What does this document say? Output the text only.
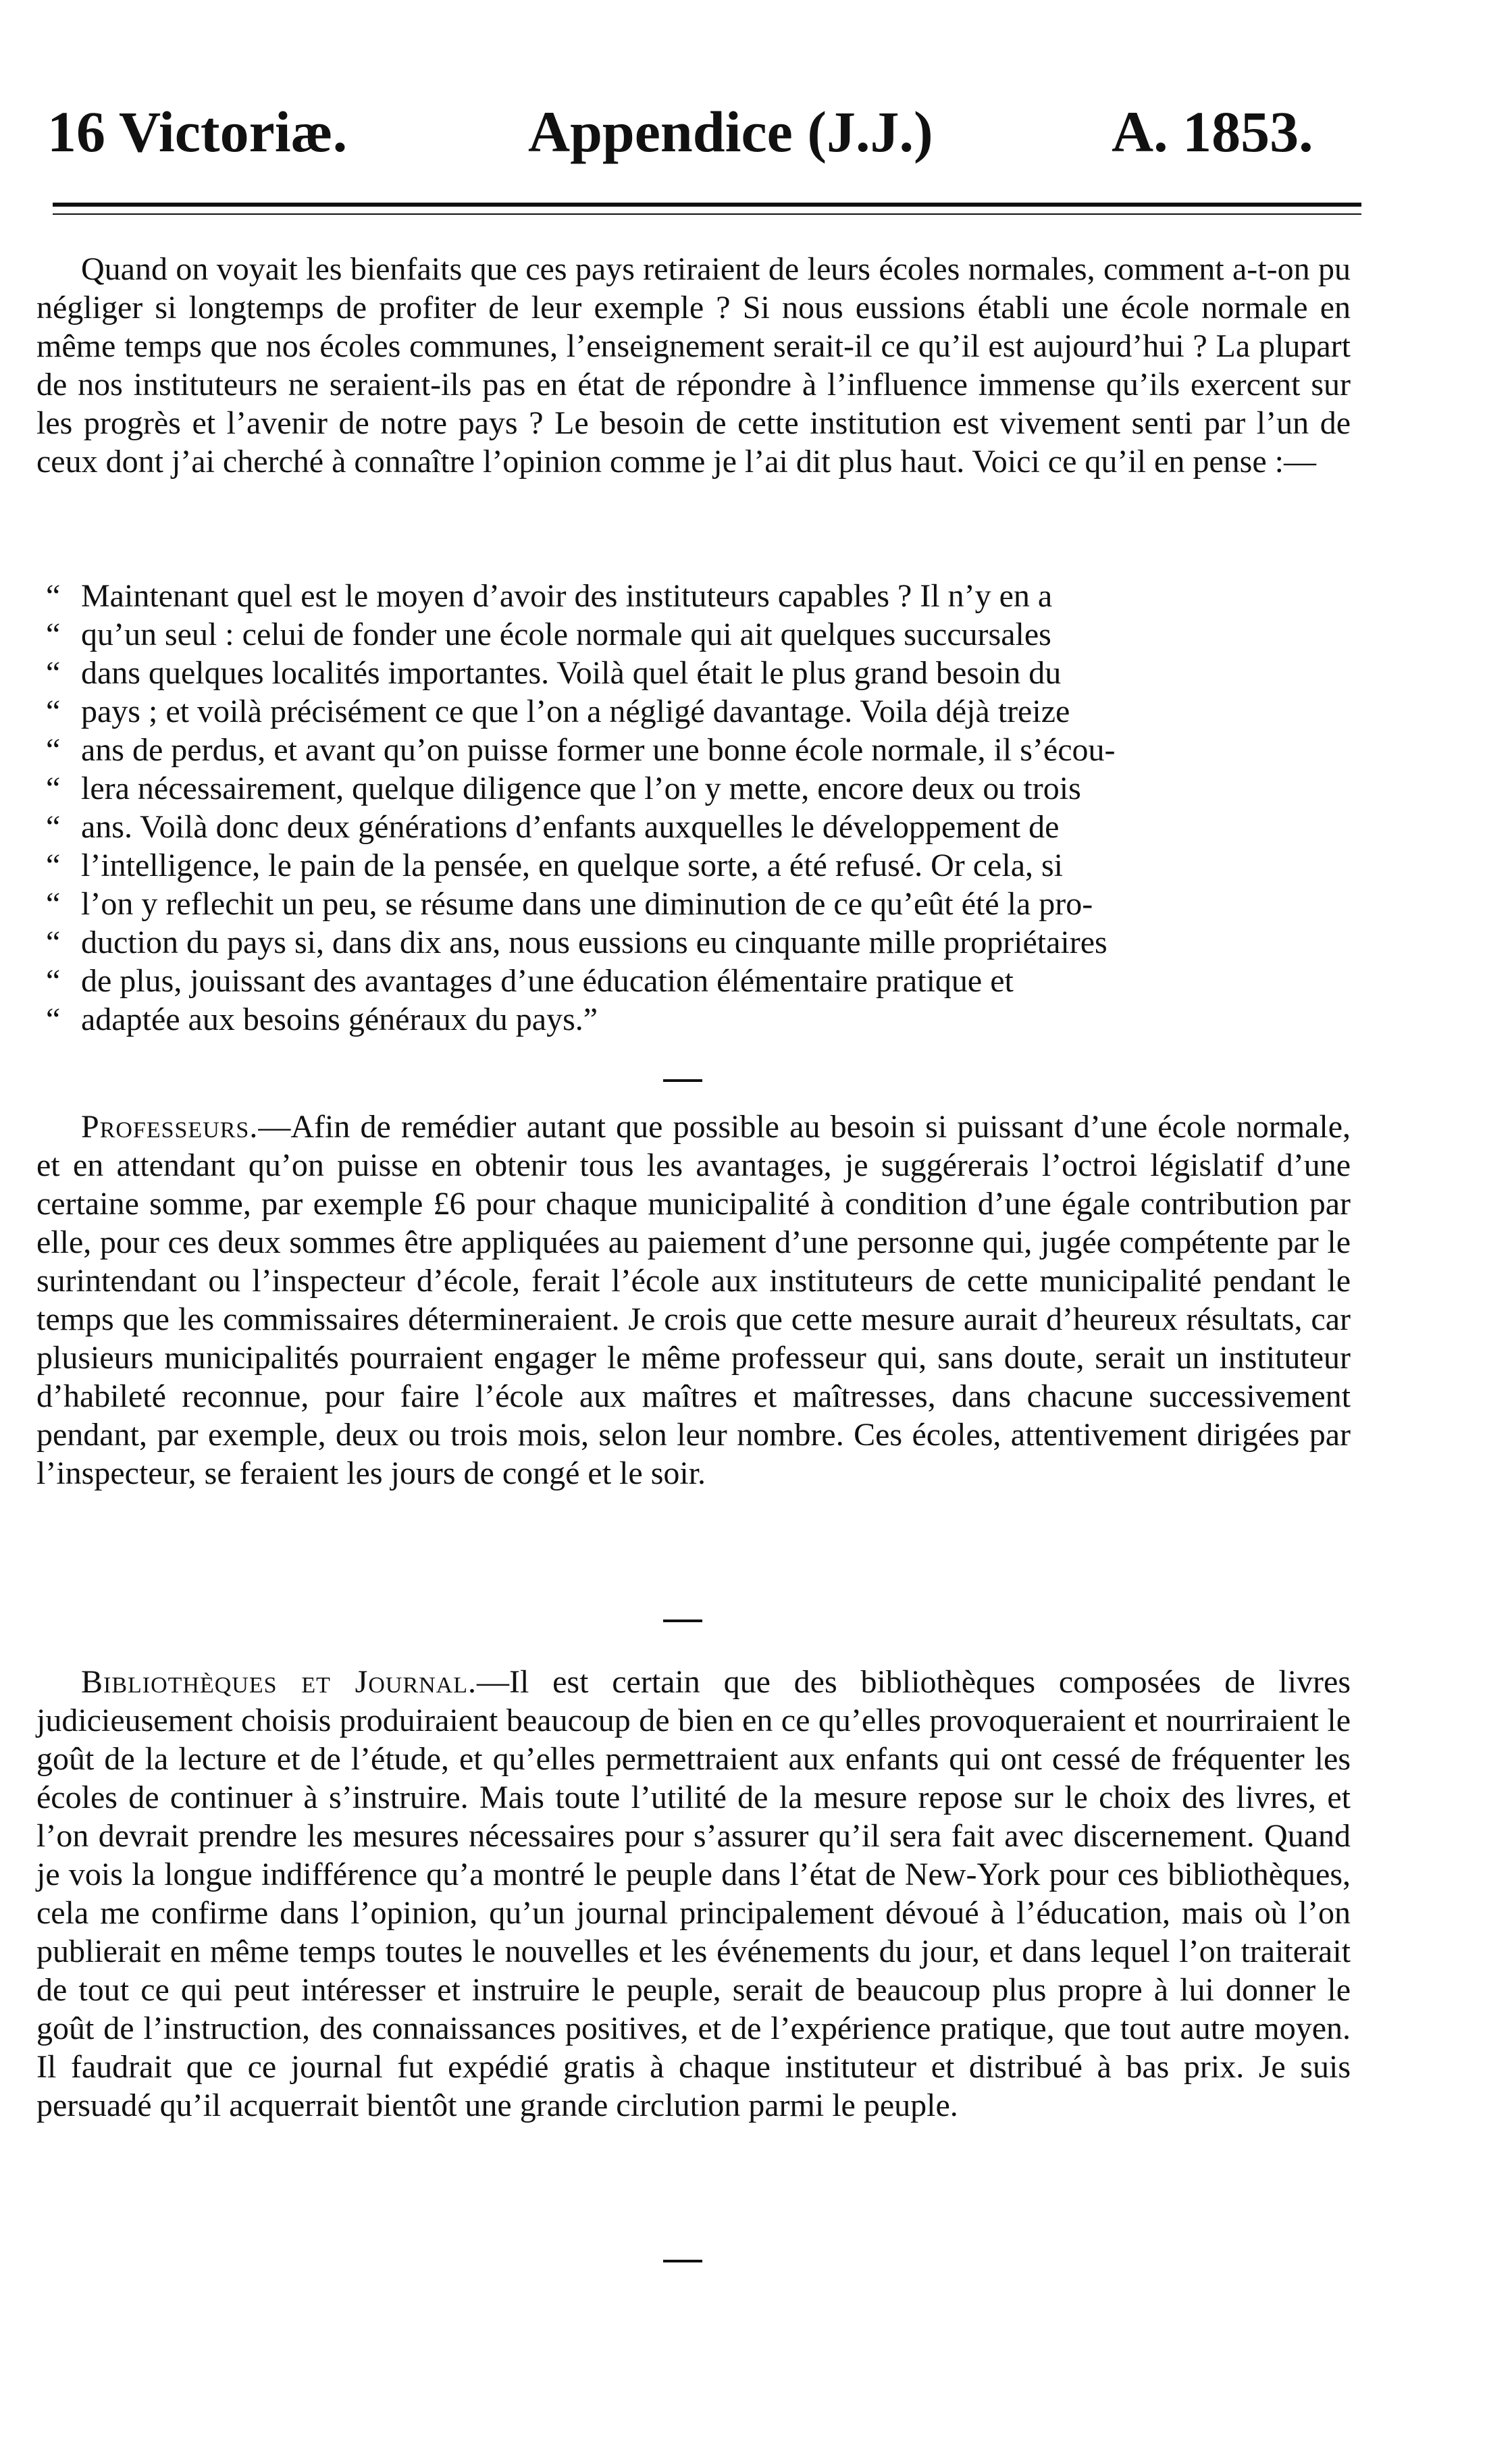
16 Victoriæ.	Appendice (J.J.)	A. 1853.

Quand on voyait les bienfaits que ces pays retiraient de leurs écoles normales, comment a-t-on pu négliger si longtemps de profiter de leur exemple ? Si nous eussions établi une école normale en même temps que nos écoles communes, l’enseignement serait-il ce qu’il est aujourd’hui ? La plupart de nos instituteurs ne seraient-ils pas en état de répondre à l’influence immense qu’ils exercent sur les progrès et l’avenir de notre pays ? Le besoin de cette institution est vivement senti par l’un de ceux dont j’ai cherché à connaître l’opinion comme je l’ai dit plus haut. Voici ce qu’il en pense :—

“ Maintenant quel est le moyen d’avoir des instituteurs capables ? Il n’y en a
“ qu’un seul : celui de fonder une école normale qui ait quelques succursales
“ dans quelques localités importantes. Voilà quel était le plus grand besoin du
“ pays ; et voilà précisément ce que l’on a négligé davantage. Voila déjà treize
“ ans de perdus, et avant qu’on puisse former une bonne école normale, il s’écou-
“ lera nécessairement, quelque diligence que l’on y mette, encore deux ou trois
“ ans. Voilà donc deux générations d’enfants auxquelles le développement de
“ l’intelligence, le pain de la pensée, en quelque sorte, a été refusé. Or cela, si
“ l’on y reflechit un peu, se résume dans une diminution de ce qu’eût été la pro-
“ duction du pays si, dans dix ans, nous eussions eu cinquante mille propriétaires
“ de plus, jouissant des avantages d’une éducation élémentaire pratique et
“ adaptée aux besoins généraux du pays.”

Professeurs.—Afin de remédier autant que possible au besoin si puissant d’une école normale, et en attendant qu’on puisse en obtenir tous les avantages, je suggérerais l’octroi législatif d’une certaine somme, par exemple £6 pour chaque municipalité à condition d’une égale contribution par elle, pour ces deux sommes être appliquées au paiement d’une personne qui, jugée compétente par le surintendant ou l’inspecteur d’école, ferait l’école aux instituteurs de cette municipalité pendant le temps que les commissaires détermineraient. Je crois que cette mesure aurait d’heureux résultats, car plusieurs municipalités pourraient engager le même professeur qui, sans doute, serait un instituteur d’habileté reconnue, pour faire l’école aux maîtres et maîtresses, dans chacune successivement pendant, par exemple, deux ou trois mois, selon leur nombre. Ces écoles, attentivement dirigées par l’inspecteur, se feraient les jours de congé et le soir.

Bibliothèques et Journal.—Il est certain que des bibliothèques composées de livres judicieusement choisis produiraient beaucoup de bien en ce qu’elles provoqueraient et nourriraient le goût de la lecture et de l’étude, et qu’elles permettraient aux enfants qui ont cessé de fréquenter les écoles de continuer à s’instruire. Mais toute l’utilité de la mesure repose sur le choix des livres, et l’on devrait prendre les mesures nécessaires pour s’assurer qu’il sera fait avec discernement. Quand je vois la longue indifférence qu’a montré le peuple dans l’état de New-York pour ces bibliothèques, cela me confirme dans l’opinion, qu’un journal principalement dévoué à l’éducation, mais où l’on publierait en même temps toutes le nouvelles et les événements du jour, et dans lequel l’on traiterait de tout ce qui peut intéresser et instruire le peuple, serait de beaucoup plus propre à lui donner le goût de l’instruction, des connaissances positives, et de l’expérience pratique, que tout autre moyen. Il faudrait que ce journal fut expédié gratis à chaque instituteur et distribué à bas prix. Je suis persuadé qu’il acquerrait bientôt une grande circlution parmi le peuple.
